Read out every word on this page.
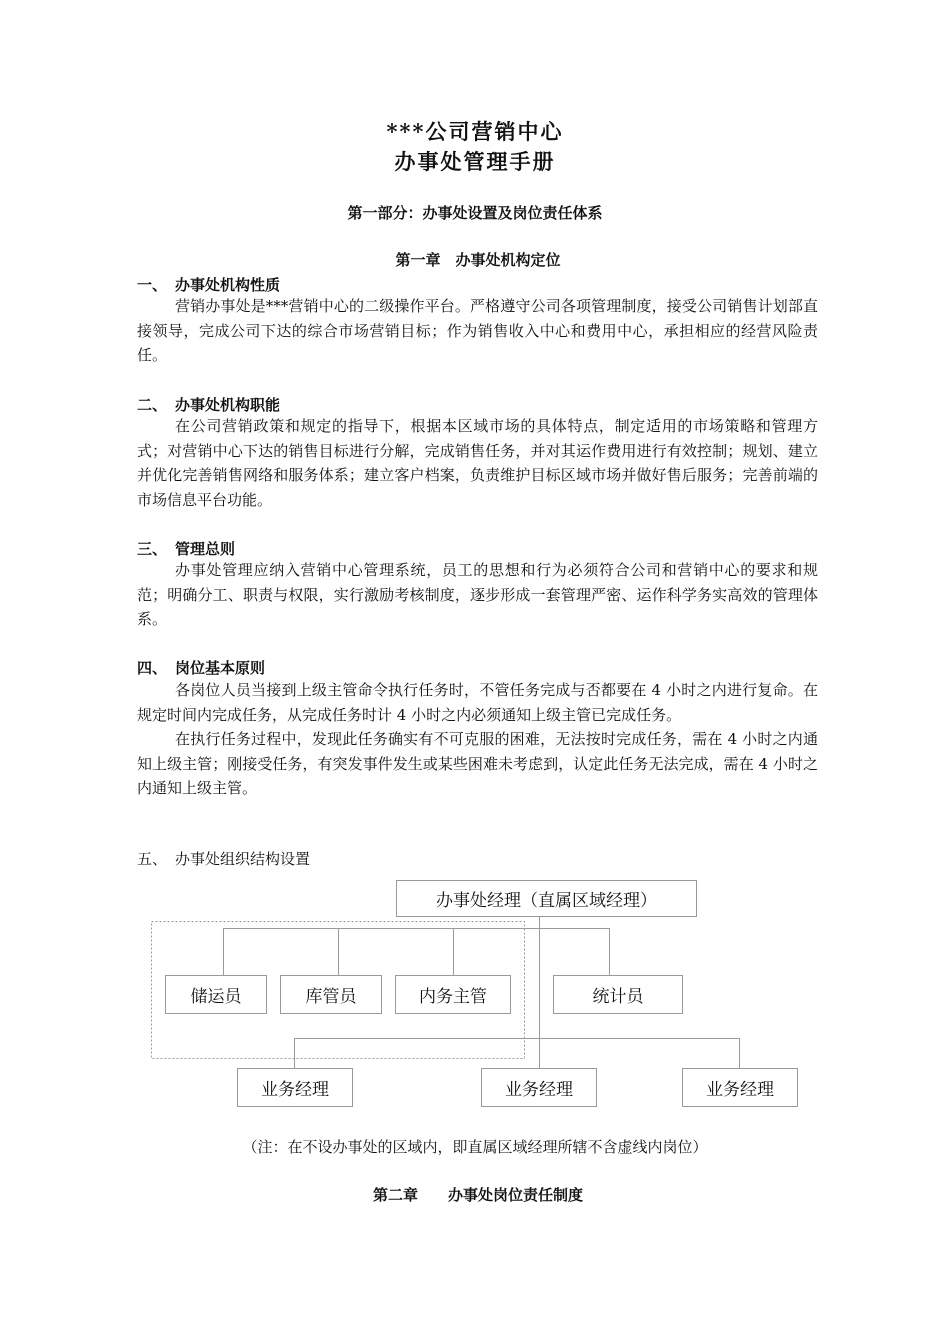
***公司营销中心
办事处管理手册
第一部分：办事处设置及岗位责任体系
第一章　办事处机构定位
一、 办事处机构性质
营销办事处是***营销中心的二级操作平台。严格遵守公司各项管理制度，接受公司销售计划部直接领导，完成公司下达的综合市场营销目标；作为销售收入中心和费用中心，承担相应的经营风险责任。
二、 办事处机构职能
在公司营销政策和规定的指导下，根据本区域市场的具体特点，制定适用的市场策略和管理方式；对营销中心下达的销售目标进行分解，完成销售任务，并对其运作费用进行有效控制；规划、建立并优化完善销售网络和服务体系；建立客户档案，负责维护目标区域市场并做好售后服务；完善前端的市场信息平台功能。
三、 管理总则
办事处管理应纳入营销中心管理系统，员工的思想和行为必须符合公司和营销中心的要求和规范；明确分工、职责与权限，实行激励考核制度，逐步形成一套管理严密、运作科学务实高效的管理体系。
四、 岗位基本原则
各岗位人员当接到上级主管命令执行任务时，不管任务完成与否都要在 4 小时之内进行复命。在规定时间内完成任务，从完成任务时计 4 小时之内必须通知上级主管已完成任务。
在执行任务过程中，发现此任务确实有不可克服的困难，无法按时完成任务，需在 4 小时之内通知上级主管；刚接受任务，有突发事件发生或某些困难未考虑到，认定此任务无法完成，需在 4 小时之内通知上级主管。
五、 办事处组织结构设置
办事处经理（直属区域经理）
储运员	库管员	内务主管	统计员
业务经理	业务经理	业务经理
（注：在不设办事处的区域内，即直属区域经理所辖不含虚线内岗位）
第二章　　办事处岗位责任制度
